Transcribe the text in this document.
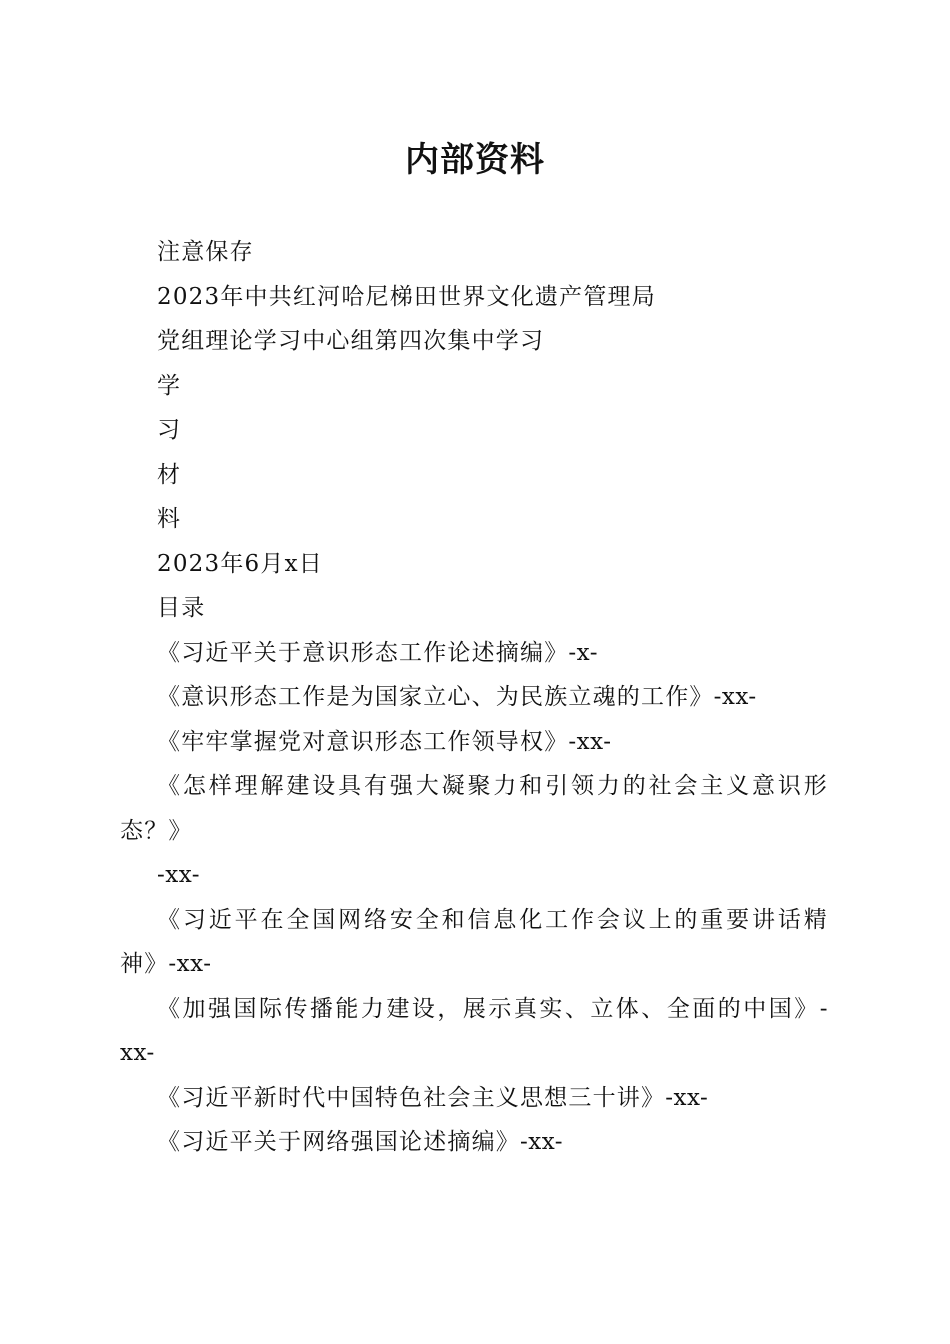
内部资料

注意保存

2023年中共红河哈尼梯田世界文化遗产管理局

党组理论学习中心组第四次集中学习

学

习

材

料

2023年6月x日

目录

《习近平关于意识形态工作论述摘编》-x-

《意识形态工作是为国家立心、为民族立魂的工作》-xx-

《牢牢掌握党对意识形态工作领导权》-xx-

《怎样理解建设具有强大凝聚力和引领力的社会主义意识形态？》

-xx-

《习近平在全国网络安全和信息化工作会议上的重要讲话精神》-xx-

《加强国际传播能力建设，展示真实、立体、全面的中国》-xx-

《习近平新时代中国特色社会主义思想三十讲》-xx-

《习近平关于网络强国论述摘编》-xx-
